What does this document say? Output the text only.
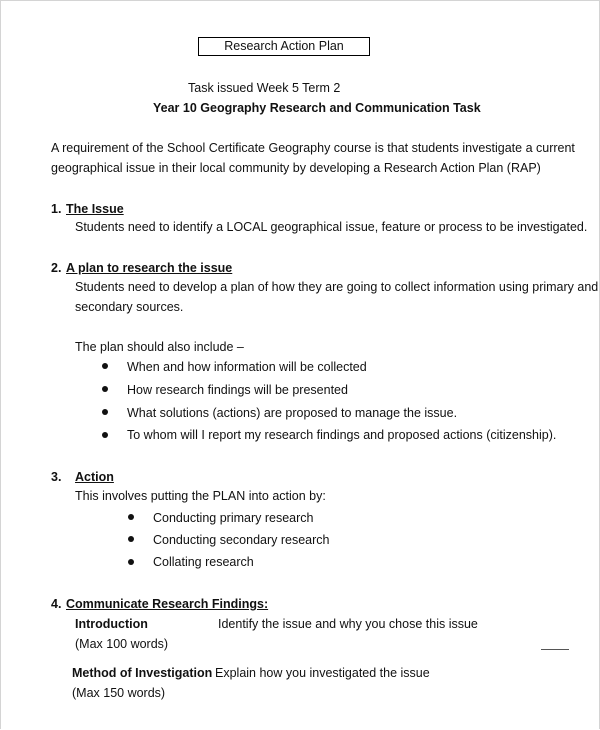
Research Action Plan
Task issued Week 5 Term 2
Year 10 Geography Research and Communication Task
A requirement of the School Certificate Geography course is that students investigate a current
geographical issue in their local community by developing a Research Action Plan (RAP)
1. The Issue
Students need to identify a LOCAL geographical issue, feature or process to be investigated.
2. A plan to research the issue
Students need to develop a plan of how they are going to collect information using primary and
secondary sources.
The plan should also include –
When and how information will be collected
How research findings will be presented
What solutions (actions) are proposed to manage the issue.
To whom will I report my research findings and proposed actions (citizenship).
3. Action
This involves putting the PLAN into action by:
Conducting primary research
Conducting secondary research
Collating research
4. Communicate Research Findings:
Introduction	Identify the issue and why you chose this issue
(Max 100 words)
Method of Investigation Explain how you investigated the issue
(Max 150 words)
